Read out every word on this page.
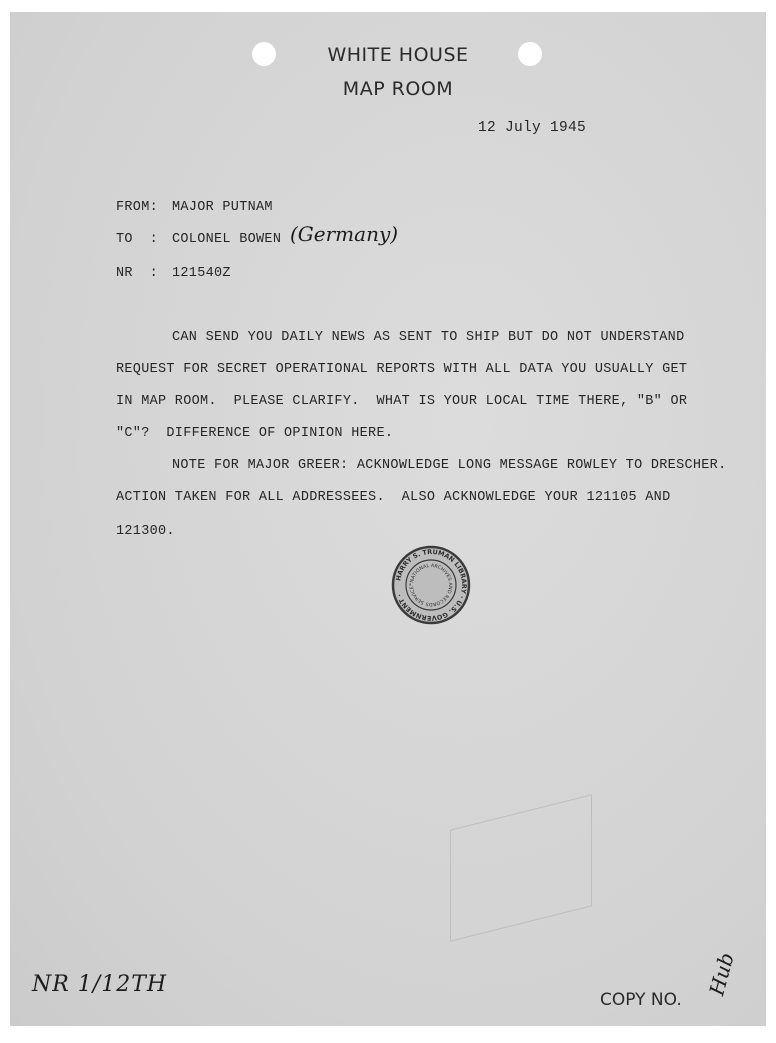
WHITE HOUSE
MAP ROOM
12 July 1945
FROM: MAJOR PUTNAM
TO  : COLONEL BOWEN (Germany)
NR  : 121540Z
CAN SEND YOU DAILY NEWS AS SENT TO SHIP BUT DO NOT UNDERSTAND
REQUEST FOR SECRET OPERATIONAL REPORTS WITH ALL DATA YOU USUALLY GET
IN MAP ROOM.  PLEASE CLARIFY.  WHAT IS YOUR LOCAL TIME THERE, "B" OR
"C"?  DIFFERENCE OF OPINION HERE.
NOTE FOR MAJOR GREER: ACKNOWLEDGE LONG MESSAGE ROWLEY TO DRESCHER.
ACTION TAKEN FOR ALL ADDRESSEES.  ALSO ACKNOWLEDGE YOUR 121105 AND
121300.
HARRY S. TRUMAN LIBRARY · U.S. GOVERNMENT ·
"NATIONAL ARCHIVES AND RECORDS SERVICE"
NR 1/12TH
COPY NO.
Hub
